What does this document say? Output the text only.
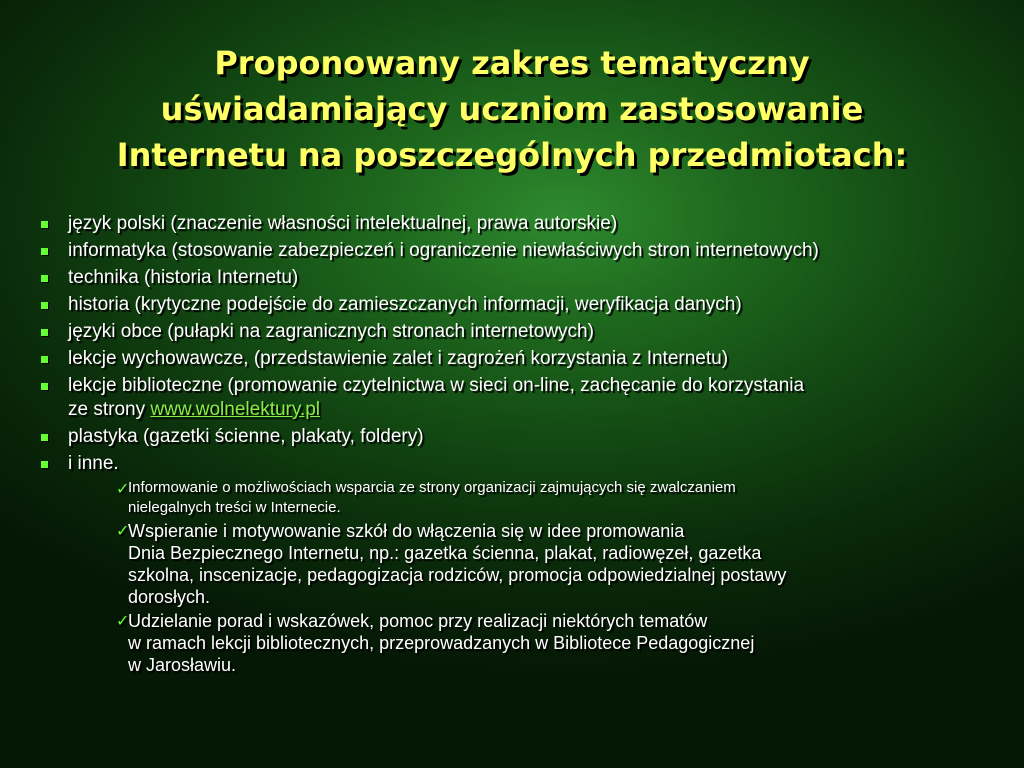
Proponowany zakres tematyczny
uświadamiający uczniom zastosowanie
Internetu na poszczególnych przedmiotach:
język polski (znaczenie własności intelektualnej, prawa autorskie)
informatyka (stosowanie zabezpieczeń i ograniczenie niewłaściwych stron internetowych)
technika (historia Internetu)
historia (krytyczne podejście do zamieszczanych informacji, weryfikacja danych)
języki obce (pułapki na zagranicznych stronach internetowych)
lekcje wychowawcze, (przedstawienie zalet i zagrożeń korzystania z Internetu)
lekcje biblioteczne (promowanie czytelnictwa w sieci on-line, zachęcanie do korzystania
ze strony www.wolnelektury.pl
plastyka (gazetki ścienne, plakaty, foldery)
i inne.
✓
Informowanie o możliwościach wsparcia ze strony organizacji zajmujących się zwalczaniem
nielegalnych treści w Internecie.
✓
Wspieranie i motywowanie szkół do włączenia się w idee promowania
Dnia Bezpiecznego Internetu, np.: gazetka ścienna, plakat, radiowęzeł, gazetka
szkolna, inscenizacje, pedagogizacja rodziców, promocja odpowiedzialnej postawy
dorosłych.
✓
Udzielanie porad i wskazówek, pomoc przy realizacji niektórych tematów
w ramach lekcji bibliotecznych, przeprowadzanych w Bibliotece Pedagogicznej
w Jarosławiu.
